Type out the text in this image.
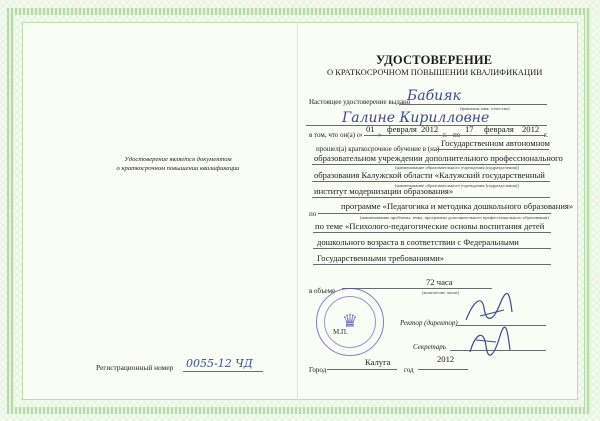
Удостоверение является документом
о краткосрочном повышении квалификации
Регистрационный номер 0055-12 ЧД
УДОСТОВЕРЕНИЕ
О КРАТКОСРОЧНОМ ПОВЫШЕНИИ КВАЛИФИКАЦИИ
Настоящее удостоверение выдано
Бабияк
(фамилия, имя, отчество)
Галине Кирилловне
в том, что он(а) с «
01
»
февраля 2012
г. по
17 февраля 2012
г.
прошел(а) краткосрочное обучение в (на)
Государственном автономном
образовательном учреждении дополнительного профессионального
(наименование образовательного учреждения (подразделения))
образования Калужской области «Калужский государственный
институт модернизации образования»
(наименование образовательного учреждения (подразделения))
по
программе «Педагогика и методика дошкольного образования»
(наименование проблемы, темы, программы дополнительного профессионального образования)
по теме «Психолого-педагогические основы воспитания детей
дошкольного возраста в соответствии с Федеральными
Государственными требованиями»
72 часа
в объеме	(количество часов)
♛
М.П.
Ректор (директор)
Секретарь
2012
Город
Калуга
год
